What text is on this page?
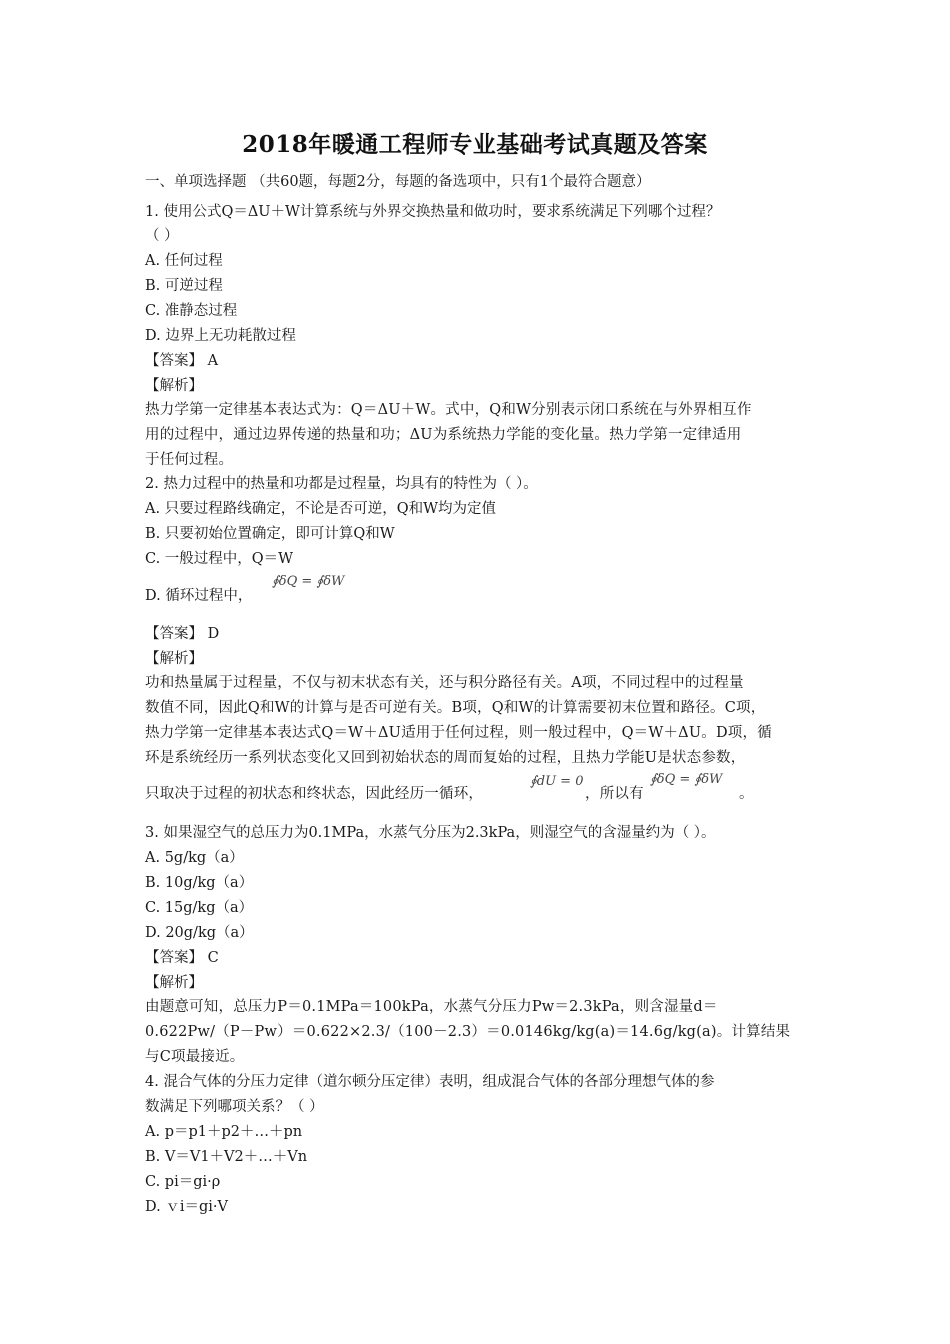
2018年暖通工程师专业基础考试真题及答案
一、单项选择题 （共60题，每题2分，每题的备选项中，只有1个最符合题意）
1. 使用公式Q＝ΔU＋W计算系统与外界交换热量和做功时，要求系统满足下列哪个过程？
（ ）
A. 任何过程
B. 可逆过程
C. 准静态过程
D. 边界上无功耗散过程
【答案】 A
【解析】
热力学第一定律基本表达式为：Q＝ΔU＋W。式中，Q和W分别表示闭口系统在与外界相互作
用的过程中，通过边界传递的热量和功；ΔU为系统热力学能的变化量。热力学第一定律适用
于任何过程。
2. 热力过程中的热量和功都是过程量，均具有的特性为（ ）。
A. 只要过程路线确定，不论是否可逆，Q和W均为定值
B. 只要初始位置确定，即可计算Q和W
C. 一般过程中，Q＝W
D. 循环过程中，
∮δQ = ∮δW
【答案】 D
【解析】
功和热量属于过程量，不仅与初末状态有关，还与积分路径有关。A项，不同过程中的过程量
数值不同，因此Q和W的计算与是否可逆有关。B项，Q和W的计算需要初末位置和路径。C项，
热力学第一定律基本表达式Q＝W＋ΔU适用于任何过程，则一般过程中，Q＝W＋ΔU。D项，循
环是系统经历一系列状态变化又回到初始状态的周而复始的过程，且热力学能U是状态参数，
只取决于过程的初状态和终状态，因此经历一循环，
∮dU = 0
，所以有
∮δQ = ∮δW
。
3. 如果湿空气的总压力为0.1MPa，水蒸气分压为2.3kPa，则湿空气的含湿量约为（ ）。
A. 5g/kg（a）
B. 10g/kg（a）
C. 15g/kg（a）
D. 20g/kg（a）
【答案】 C
【解析】
由题意可知，总压力P＝0.1MPa＝100kPa，水蒸气分压力Pw＝2.3kPa，则含湿量d＝
0.622Pw/（P－Pw）＝0.622×2.3/（100－2.3）＝0.0146kg/kg(a)＝14.6g/kg(a)。计算结果
与C项最接近。
4. 混合气体的分压力定律（道尔顿分压定律）表明，组成混合气体的各部分理想气体的参
数满足下列哪项关系？（ ）
A. p＝p1＋p2＋…＋pn
B. V＝V1＋V2＋…＋Vn
C. pi＝gi·ρ
D. ｖi＝gi·V
